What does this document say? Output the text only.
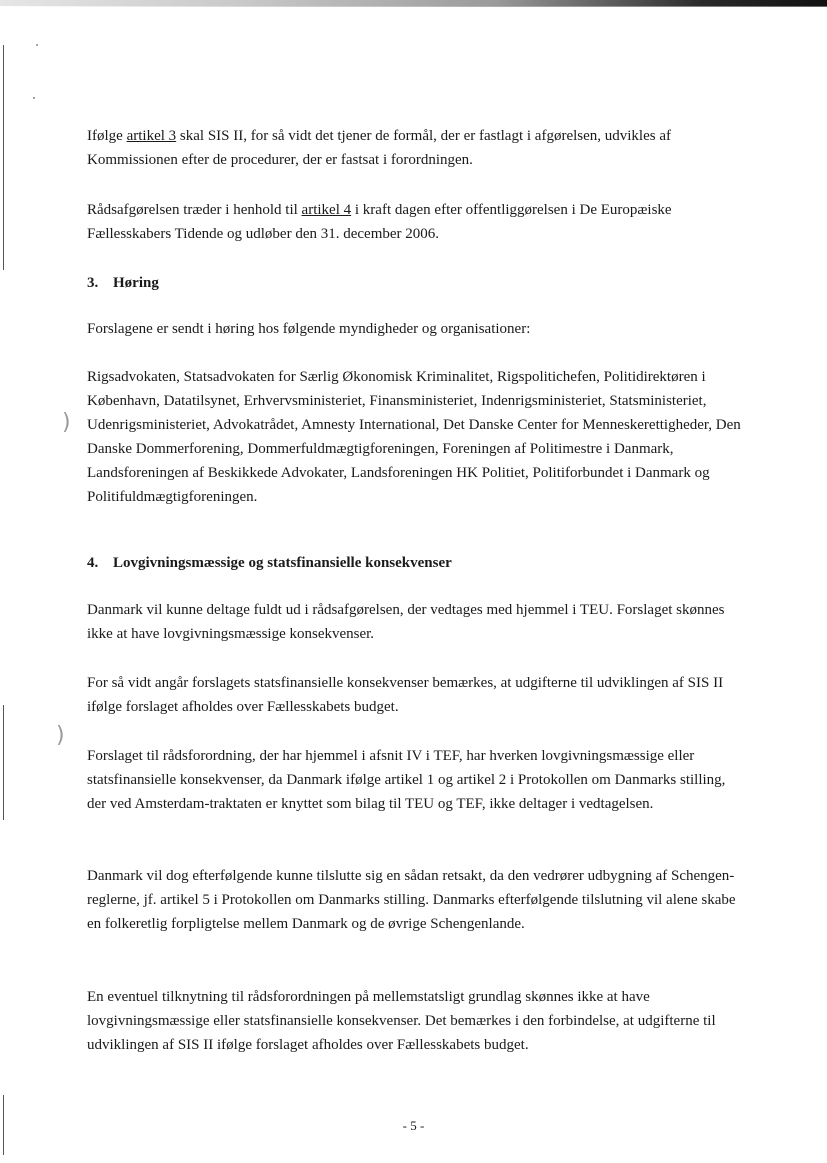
)
)

Ifølge artikel 3 skal SIS II, for så vidt det tjener de formål, der er fastlagt i afgørelsen, udvikles af Kommissionen efter de procedurer, der er fastsat i forordningen.

Rådsafgørelsen træder i henhold til artikel 4 i kraft dagen efter offentliggørelsen i De Europæiske Fællesskabers Tidende og udløber den 31. december 2006.

3. Høring

Forslagene er sendt i høring hos følgende myndigheder og organisationer:

Rigsadvokaten, Statsadvokaten for Særlig Økonomisk Kriminalitet, Rigspolitichefen, Politidirektøren i København, Datatilsynet, Erhvervsministeriet, Finansministeriet, Indenrigsministeriet, Statsministeriet, Udenrigsministeriet, Advokatrådet, Amnesty International, Det Danske Center for Menneskerettigheder, Den Danske Dommerforening, Dommerfuldmægtigforeningen, Foreningen af Politimestre i Danmark, Landsforeningen af Beskikkede Advokater, Landsforeningen HK Politiet, Politiforbundet i Danmark og Politifuldmægtigforeningen.

4. Lovgivningsmæssige og statsfinansielle konsekvenser

Danmark vil kunne deltage fuldt ud i rådsafgørelsen, der vedtages med hjemmel i TEU. Forslaget skønnes ikke at have lovgivningsmæssige konsekvenser.

For så vidt angår forslagets statsfinansielle konsekvenser bemærkes, at udgifterne til udviklingen af SIS II ifølge forslaget afholdes over Fællesskabets budget.

Forslaget til rådsforordning, der har hjemmel i afsnit IV i TEF, har hverken lovgivningsmæssige eller statsfinansielle konsekvenser, da Danmark ifølge artikel 1 og artikel 2 i Protokollen om Danmarks stilling, der ved Amsterdam-traktaten er knyttet som bilag til TEU og TEF, ikke deltager i vedtagelsen.

Danmark vil dog efterfølgende kunne tilslutte sig en sådan retsakt, da den vedrører udbygning af Schengen-reglerne, jf. artikel 5 i Protokollen om Danmarks stilling. Danmarks efterfølgende tilslutning vil alene skabe en folkeretlig forpligtelse mellem Danmark og de øvrige Schengenlande.

En eventuel tilknytning til rådsforordningen på mellemstatsligt grundlag skønnes ikke at have lovgivningsmæssige eller statsfinansielle konsekvenser. Det bemærkes i den forbindelse, at udgifterne til udviklingen af SIS II ifølge forslaget afholdes over Fællesskabets budget.

- 5 -
